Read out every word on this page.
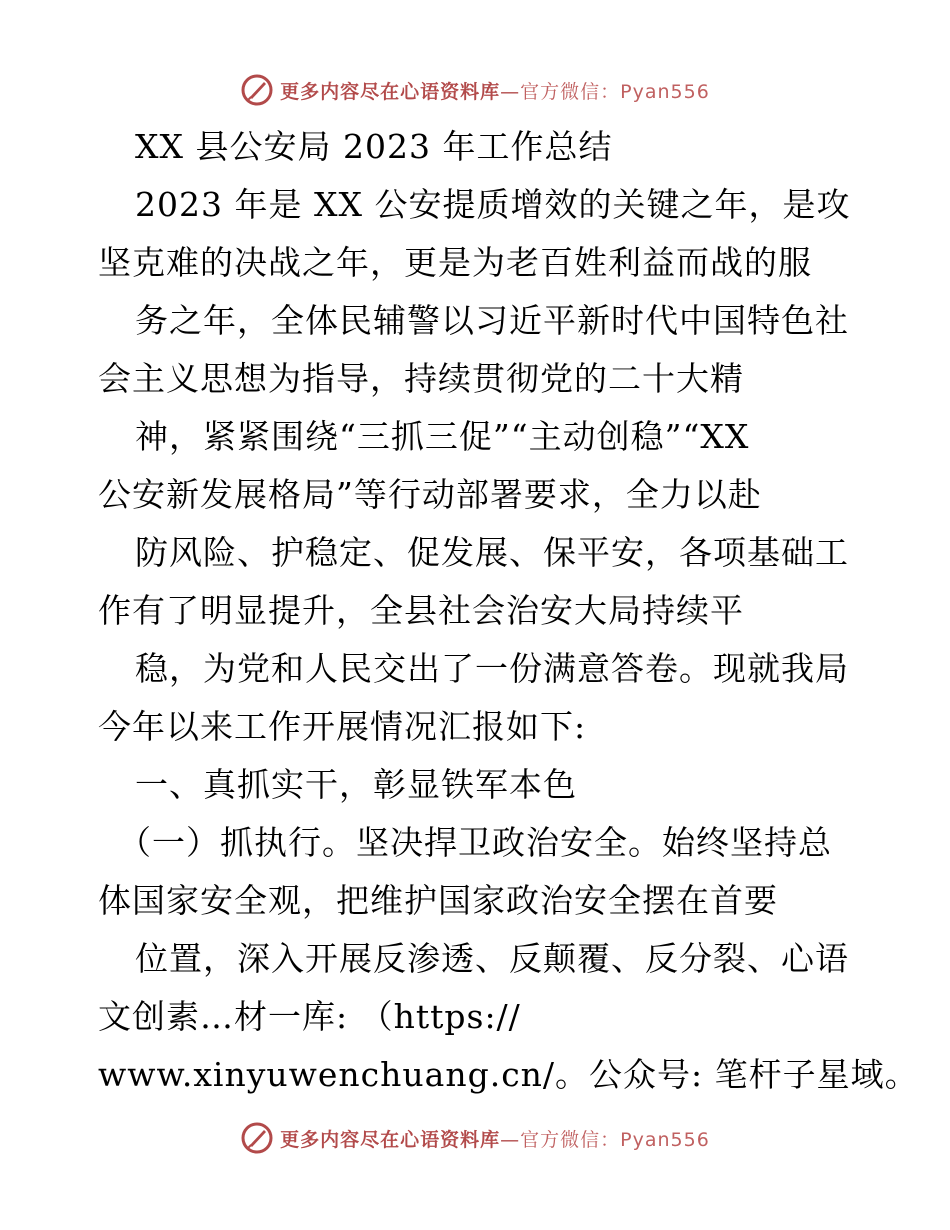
更多内容尽在心语资料库—官方微信：Pyan556
XX 县公安局 2023 年工作总结
2023 年是 XX 公安提质增效的关键之年，是攻
坚克难的决战之年，更是为老百姓利益而战的服
务之年，全体民辅警以习近平新时代中国特色社
会主义思想为指导，持续贯彻党的二十大精
神，紧紧围绕“三抓三促”“主动创稳”“XX
公安新发展格局”等行动部署要求，全力以赴
防风险、护稳定、促发展、保平安，各项基础工
作有了明显提升，全县社会治安大局持续平
稳，为党和人民交出了一份满意答卷。现就我局
今年以来工作开展情况汇报如下:
一、真抓实干，彰显铁军本色
（一）抓执行。坚决捍卫政治安全。始终坚持总
体国家安全观，把维护国家政治安全摆在首要
位置，深入开展反渗透、反颠覆、反分裂、心语
文创素…材一库: （https://
www.xinyuwenchuang.cn/。公众号: 笔杆子星域。
更多内容尽在心语资料库—官方微信：Pyan556
